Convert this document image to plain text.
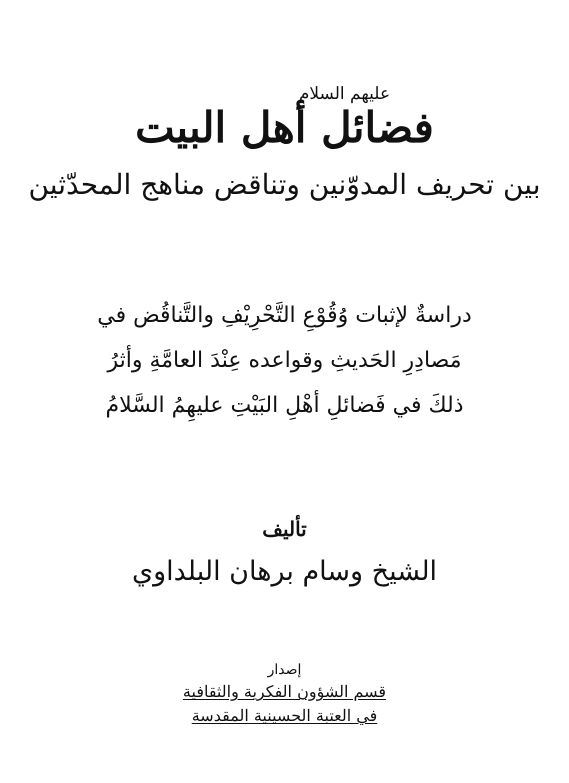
عليهم السلام
فضائل أهل البيت
بين تحريف المدوّنين وتناقض مناهج المحدّثين
دراسةٌ لإثبات وُقُوْعِ التَّحْرِيْفِ والتَّناقُض في
مَصادِرِ الحَديثِ وقواعده عِنْدَ العامَّةِ وأثرُ
ذلكَ في فَضائلِ أهْلِ البَيْتِ عليهِمُ السَّلامُ
تأليف
الشيخ وسام برهان البلداوي
إصدار
قسم الشؤون الفكرية والثقافية
في العتبة الحسينية المقدسة
